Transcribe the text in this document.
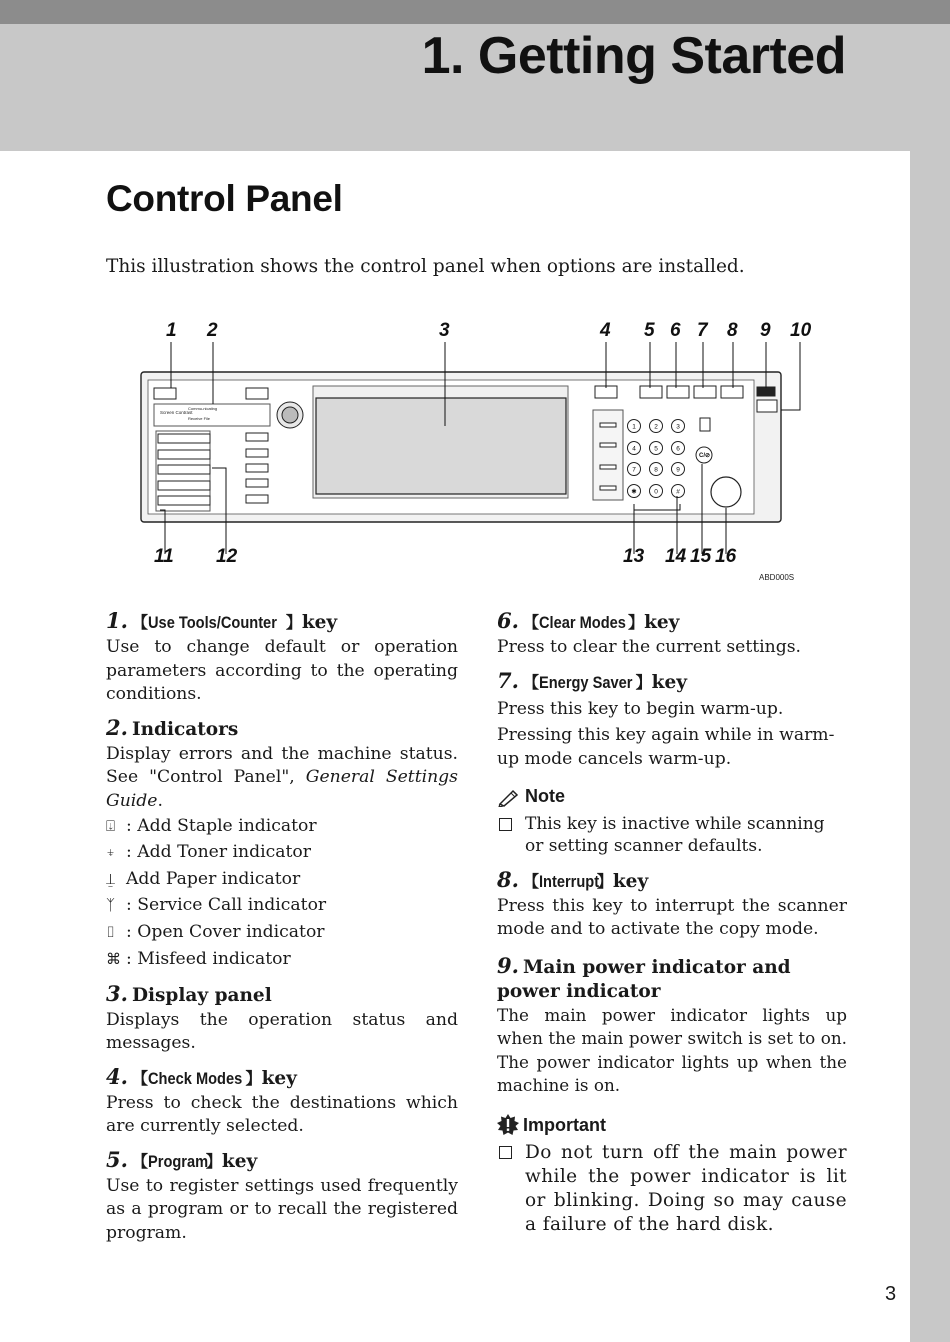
1. Getting Started
Control Panel
This illustration shows the control panel when options are installed.
Screen Contrast
Commu-nicating
Receive File
C/⊘
1	2	3
4	5	6
7	8	9
✱	0	#
1 2	3	4 5 6 7 8 9 10
11 12	13 14 15 16
ABD000S
1. 【Use Tools/Counter 】key
Use to change default or operation parameters according to the operating conditions.
2. Indicators
Display errors and the machine status. See "Control Panel", General Settings Guide.
⍗ : Add Staple indicator
⍖ : Add Toner indicator
⍊ Add Paper indicator
ᛉ : Service Call indicator
⌷ : Open Cover indicator
⌘ : Misfeed indicator
3. Display panel
Displays the operation status and messages.
4. 【Check Modes 】key
Press to check the destinations which are currently selected.
5. 【Program】key
Use to register settings used frequently as a program or to recall the registered program.
6. 【Clear Modes 】key
Press to clear the current settings.
7. 【Energy Saver 】key
Press this key to begin warm-up.
Pressing this key again while in warm-up mode cancels warm-up.
Note
This key is inactive while scanning or setting scanner defaults.
8. 【Interrupt】key
Press this key to interrupt the scanner mode and to activate the copy mode.
9. Main power indicator and power indicator
The main power indicator lights up when the main power switch is set to on. The power indicator lights up when the machine is on.
Important
Do not turn off the main power while the power indicator is lit or blinking. Doing so may cause a failure of the hard disk.
3
